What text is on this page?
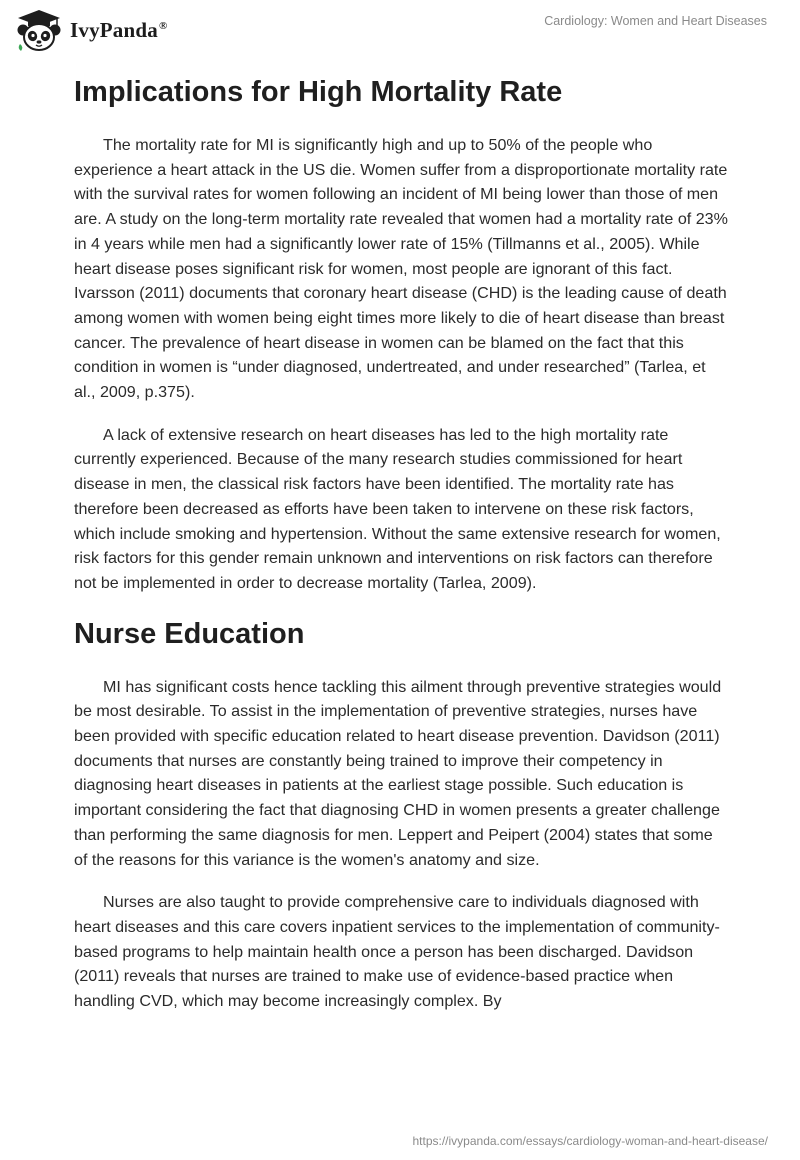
IvyPanda®	Cardiology: Women and Heart Diseases
Implications for High Mortality Rate

The mortality rate for MI is significantly high and up to 50% of the people who experience a heart attack in the US die. Women suffer from a disproportionate mortality rate with the survival rates for women following an incident of MI being lower than those of men are. A study on the long-term mortality rate revealed that women had a mortality rate of 23% in 4 years while men had a significantly lower rate of 15% (Tillmanns et al., 2005). While heart disease poses significant risk for women, most people are ignorant of this fact. Ivarsson (2011) documents that coronary heart disease (CHD) is the leading cause of death among women with women being eight times more likely to die of heart disease than breast cancer. The prevalence of heart disease in women can be blamed on the fact that this condition in women is “under diagnosed, undertreated, and under researched” (Tarlea, et al., 2009, p.375).

A lack of extensive research on heart diseases has led to the high mortality rate currently experienced. Because of the many research studies commissioned for heart disease in men, the classical risk factors have been identified. The mortality rate has therefore been decreased as efforts have been taken to intervene on these risk factors, which include smoking and hypertension. Without the same extensive research for women, risk factors for this gender remain unknown and interventions on risk factors can therefore not be implemented in order to decrease mortality (Tarlea, 2009).

Nurse Education

MI has significant costs hence tackling this ailment through preventive strategies would be most desirable. To assist in the implementation of preventive strategies, nurses have been provided with specific education related to heart disease prevention. Davidson (2011) documents that nurses are constantly being trained to improve their competency in diagnosing heart diseases in patients at the earliest stage possible. Such education is important considering the fact that diagnosing CHD in women presents a greater challenge than performing the same diagnosis for men. Leppert and Peipert (2004) states that some of the reasons for this variance is the women's anatomy and size.

Nurses are also taught to provide comprehensive care to individuals diagnosed with heart diseases and this care covers inpatient services to the implementation of community-based programs to help maintain health once a person has been discharged. Davidson (2011) reveals that nurses are trained to make use of evidence-based practice when handling CVD, which may become increasingly complex. By

https://ivypanda.com/essays/cardiology-woman-and-heart-disease/
